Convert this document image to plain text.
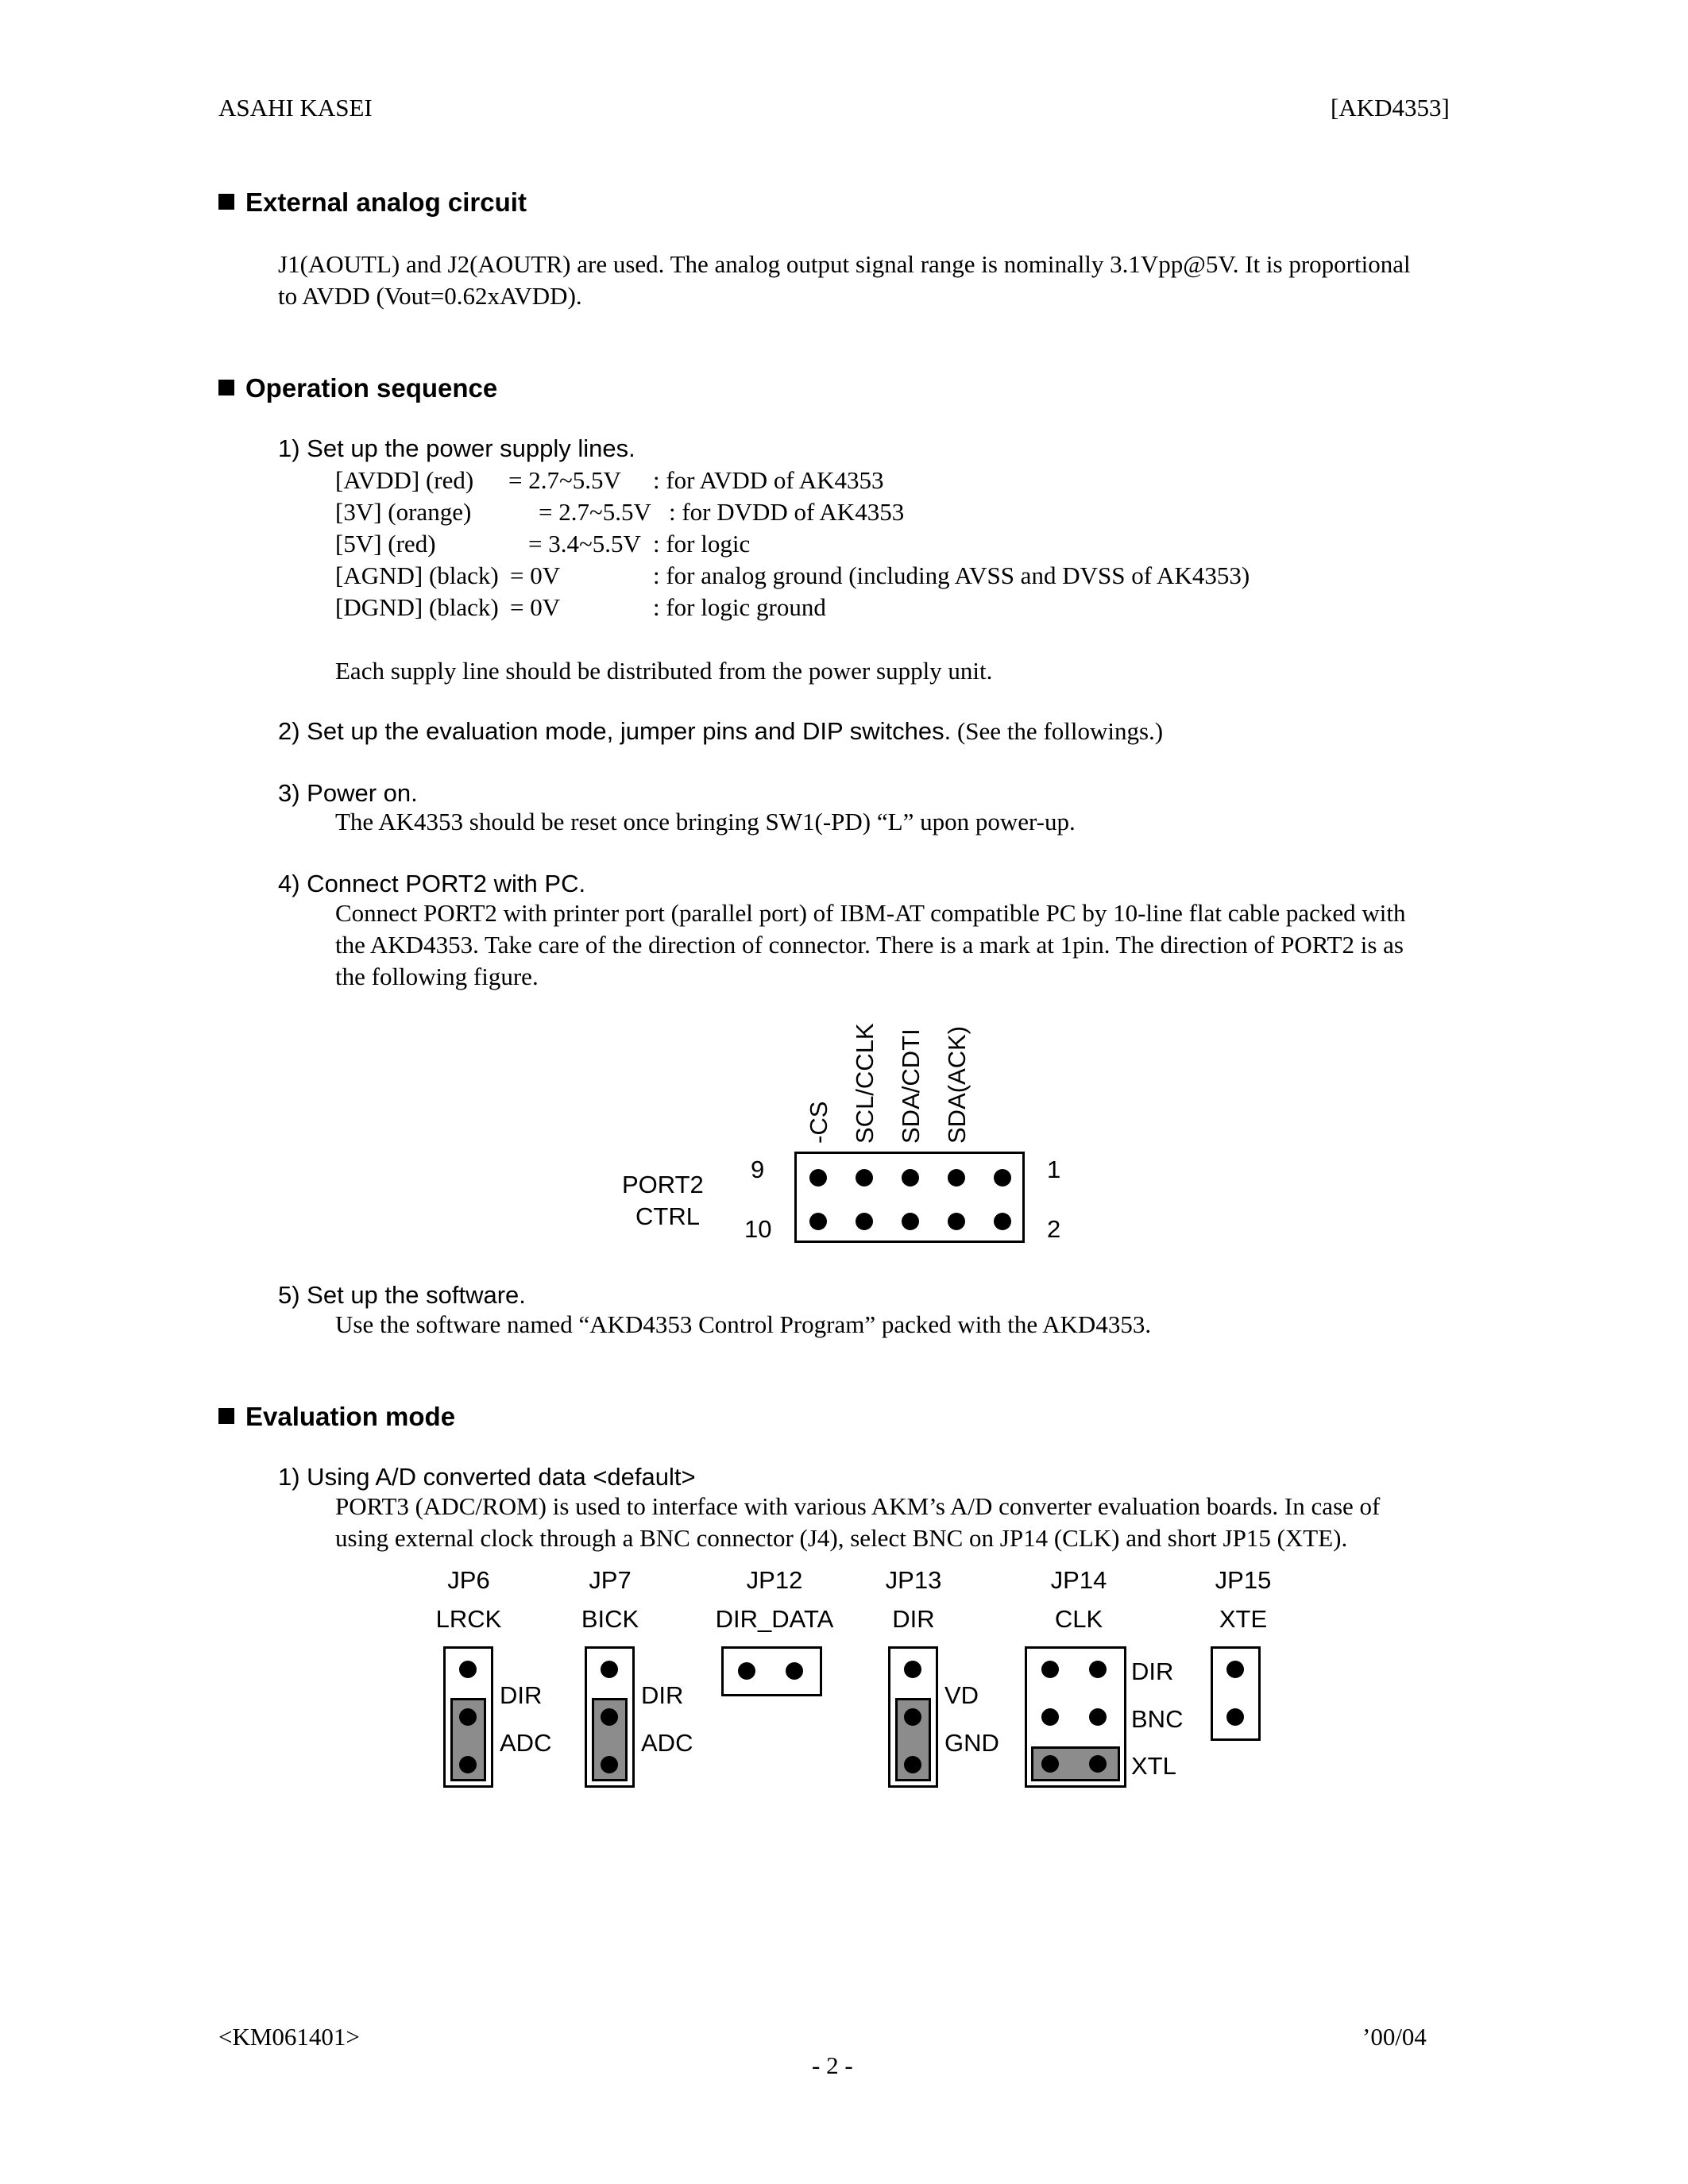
ASAHI KASEI	[AKD4353]
External analog circuit
J1(AOUTL) and J2(AOUTR) are used. The analog output signal range is nominally 3.1Vpp@5V. It is proportional
to AVDD (Vout=0.62xAVDD).
Operation sequence
1) Set up the power supply lines.
[AVDD] (red) = 2.7~5.5V : for AVDD of AK4353
[3V] (orange)	= 2.7~5.5V : for DVDD of AK4353
[5V] (red)	= 3.4~5.5V : for logic
[AGND] (black) = 0V	: for analog ground (including AVSS and DVSS of AK4353)
[DGND] (black) = 0V	: for logic ground
Each supply line should be distributed from the power supply unit.
2) Set up the evaluation mode, jumper pins and DIP switches. (See the followings.)
3) Power on.
The AK4353 should be reset once bringing SW1(-PD) “L” upon power-up.
4) Connect PORT2 with PC.
Connect PORT2 with printer port (parallel port) of IBM-AT compatible PC by 10-line flat cable packed with
the AKD4353. Take care of the direction of connector. There is a mark at 1pin. The direction of PORT2 is as
the following figure.
PORT2
CTRL
9
10
1
2
-CS SCL/CCLK SDA/CDTI SDA(ACK)
5) Set up the software.
Use the software named “AKD4353 Control Program” packed with the AKD4353.
Evaluation mode
1) Using A/D converted data <default>
PORT3 (ADC/ROM) is used to interface with various AKM’s A/D converter evaluation boards. In case of
using external clock through a BNC connector (J4), select BNC on JP14 (CLK) and short JP15 (XTE).
JP6
LRCK
DIR
ADC
JP7
BICK
DIR
ADC
JP12
DIR_DATA
JP13
DIR
VD
GND
JP14
CLK
DIR
BNC
XTL
JP15
XTE
<KM061401>	’00/04
- 2 -
